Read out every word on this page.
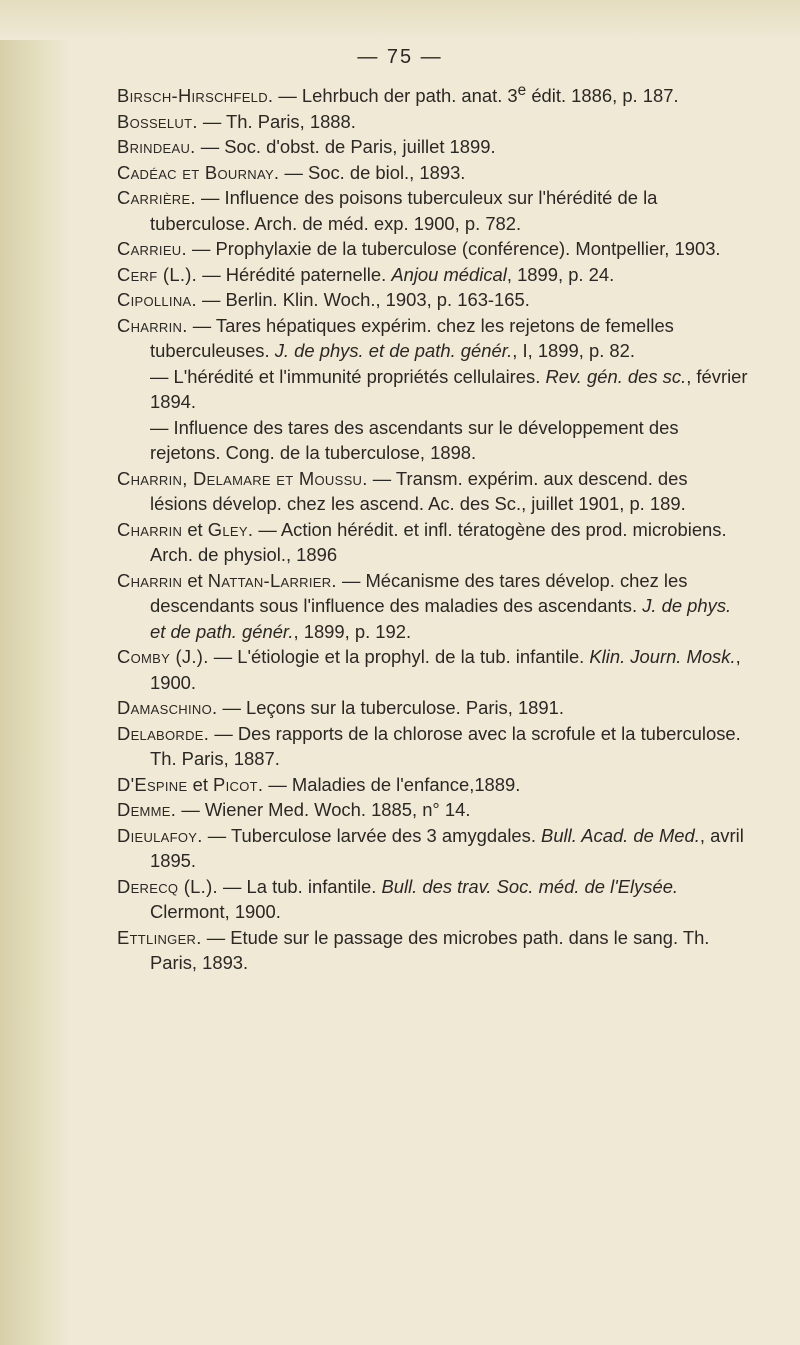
— 75 —
Birsch-Hirschfeld. — Lehrbuch der path. anat. 3e édit. 1886, p. 187.
Bosselut. — Th. Paris, 1888.
Brindeau. — Soc. d'obst. de Paris, juillet 1899.
Cadéac et Bournay. — Soc. de biol., 1893.
Carrière. — Influence des poisons tuberculeux sur l'hérédité de la tuberculose. Arch. de méd. exp. 1900, p. 782.
Carrieu. — Prophylaxie de la tuberculose (conférence). Montpellier, 1903.
Cerf (L.). — Hérédité paternelle. Anjou médical, 1899, p. 24.
Cipollina. — Berlin. Klin. Woch., 1903, p. 163-165.
Charrin. — Tares hépatiques expérim. chez les rejetons de femelles tuberculeuses. J. de phys. et de path. génér., I, 1899, p. 82.
— L'hérédité et l'immunité propriétés cellulaires. Rev. gén. des sc., février 1894.
— Influence des tares des ascendants sur le développement des rejetons. Cong. de la tuberculose, 1898.
Charrin, Delamare et Moussu. — Transm. expérim. aux descend. des lésions dévelop. chez les ascend. Ac. des Sc., juillet 1901, p. 189.
Charrin et Gley. — Action hérédit. et infl. tératogène des prod. microbiens. Arch. de physiol., 1896
Charrin et Nattan-Larrier. — Mécanisme des tares dévelop. chez les descendants sous l'influence des maladies des ascendants. J. de phys. et de path. génér., 1899, p. 192.
Comby (J.). — L'étiologie et la prophyl. de la tub. infantile. Klin. Journ. Mosk., 1900.
Damaschino. — Leçons sur la tuberculose. Paris, 1891.
Delaborde. — Des rapports de la chlorose avec la scrofule et la tuberculose. Th. Paris, 1887.
D'Espine et Picot. — Maladies de l'enfance,1889.
Demme. — Wiener Med. Woch. 1885, n° 14.
Dieulafoy. — Tuberculose larvée des 3 amygdales. Bull. Acad. de Med., avril 1895.
Derecq (L.). — La tub. infantile. Bull. des trav. Soc. méd. de l'Elysée. Clermont, 1900.
Ettlinger. — Etude sur le passage des microbes path. dans le sang. Th. Paris, 1893.
